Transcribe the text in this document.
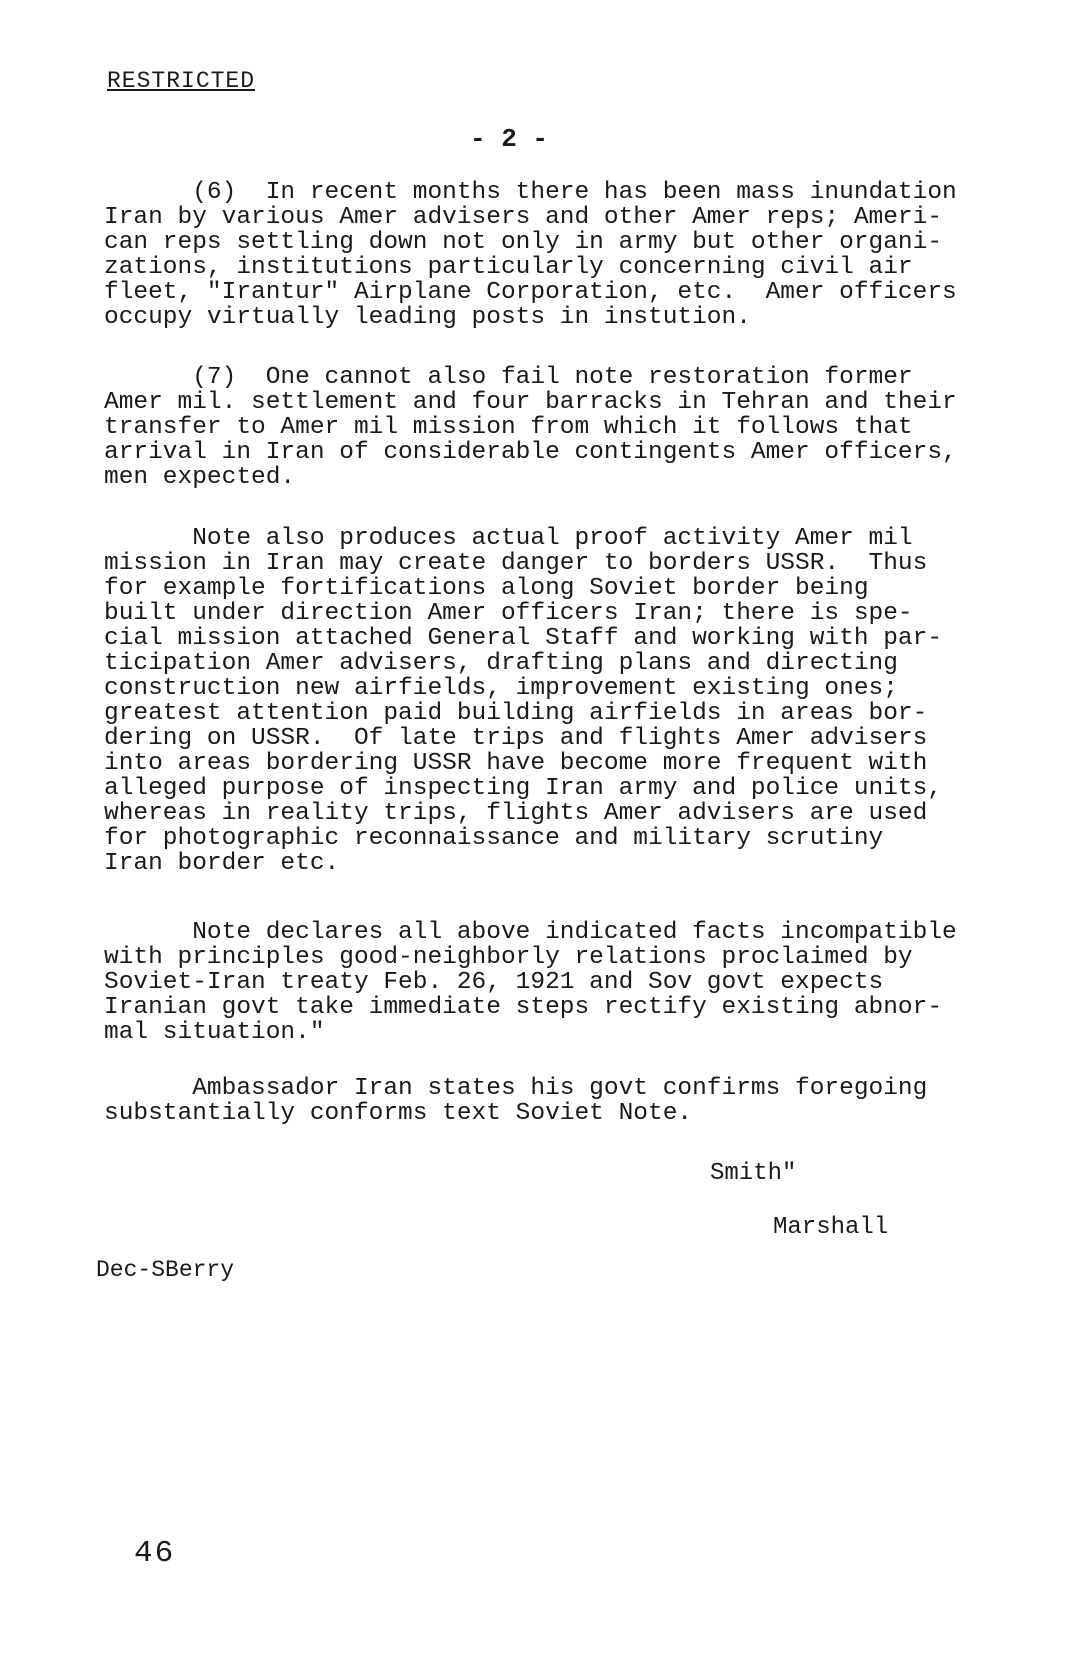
RESTRICTED
- 2 -

(6)  In recent months there has been mass inundation
Iran by various Amer advisers and other Amer reps; Ameri-
can reps settling down not only in army but other organi-
zations, institutions particularly concerning civil air
fleet, "Irantur" Airplane Corporation, etc.  Amer officers
occupy virtually leading posts in instution.

(7)  One cannot also fail note restoration former
Amer mil. settlement and four barracks in Tehran and their
transfer to Amer mil mission from which it follows that
arrival in Iran of considerable contingents Amer officers,
men expected.

Note also produces actual proof activity Amer mil
mission in Iran may create danger to borders USSR.  Thus
for example fortifications along Soviet border being
built under direction Amer officers Iran; there is spe-
cial mission attached General Staff and working with par-
ticipation Amer advisers, drafting plans and directing
construction new airfields, improvement existing ones;
greatest attention paid building airfields in areas bor-
dering on USSR.  Of late trips and flights Amer advisers
into areas bordering USSR have become more frequent with
alleged purpose of inspecting Iran army and police units,
whereas in reality trips, flights Amer advisers are used
for photographic reconnaissance and military scrutiny
Iran border etc.

Note declares all above indicated facts incompatible
with principles good-neighborly relations proclaimed by
Soviet-Iran treaty Feb. 26, 1921 and Sov govt expects
Iranian govt take immediate steps rectify existing abnor-
mal situation."

Ambassador Iran states his govt confirms foregoing
substantially conforms text Soviet Note.

Smith"
Marshall
Dec-SBerry
46
